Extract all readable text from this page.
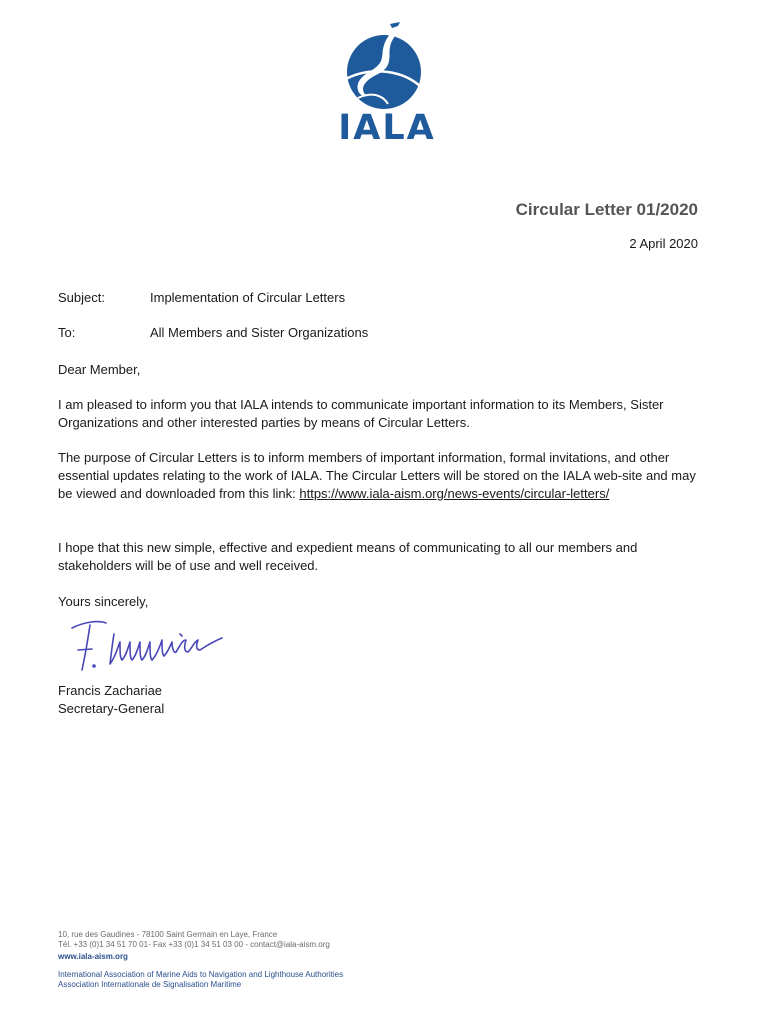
IALA
Circular Letter 01/2020
2 April 2020
Subject:	Implementation of Circular Letters
To:	All Members and Sister Organizations
Dear Member,
I am pleased to inform you that IALA intends to communicate important information to its Members, Sister Organizations and other interested parties by means of Circular Letters.
The purpose of Circular Letters is to inform members of important information, formal invitations, and other essential updates relating to the work of IALA. The Circular Letters will be stored on the IALA web-site and may be viewed and downloaded from this link: https://www.iala-aism.org/news-events/circular-letters/
I hope that this new simple, effective and expedient means of communicating to all our members and stakeholders will be of use and well received.
Yours sincerely,
Francis Zachariae
Secretary-General
10, rue des Gaudines - 78100 Saint Germain en Laye, France
Tél. +33 (0)1 34 51 70 01- Fax +33 (0)1 34 51 03 00 - contact@iala-aism.org
www.iala-aism.org
International Association of Marine Aids to Navigation and Lighthouse Authorities
Association Internationale de Signalisation Maritime
